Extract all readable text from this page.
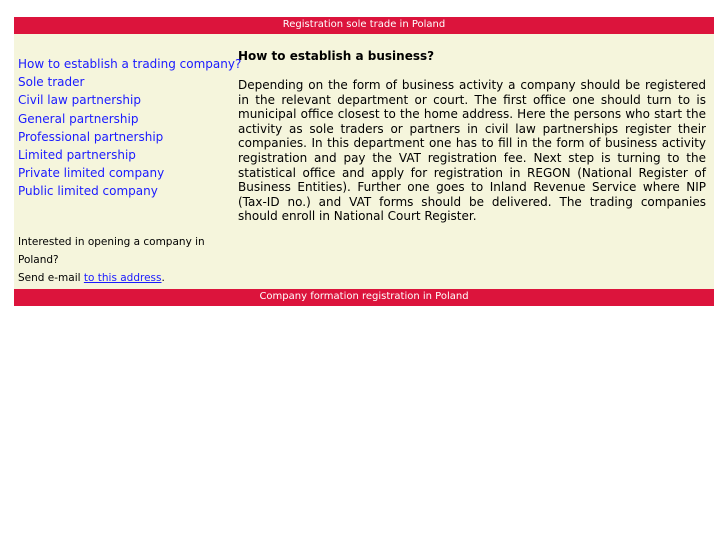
Registration sole trade in Poland
How to establish a trading company?
Sole trader
Civil law partnership
General partnership
Professional partnership
Limited partnership
Private limited company
Public limited company
Interested in opening a company in Poland?
Send e-mail to this address.
How to establish a business?

Depending on the form of business activity a company should be registered in the relevant department or court. The first office one should turn to is municipal office closest to the home address. Here the persons who start the activity as sole traders or partners in civil law partnerships register their companies. In this department one has to fill in the form of business activity registration and pay the VAT registration fee. Next step is turning to the statistical office and apply for registration in REGON (National Register of Business Entities). Further one goes to Inland Revenue Service where NIP (Tax-ID no.) and VAT forms should be delivered. The trading companies should enroll in National Court Register.

Company formation registration in Poland
